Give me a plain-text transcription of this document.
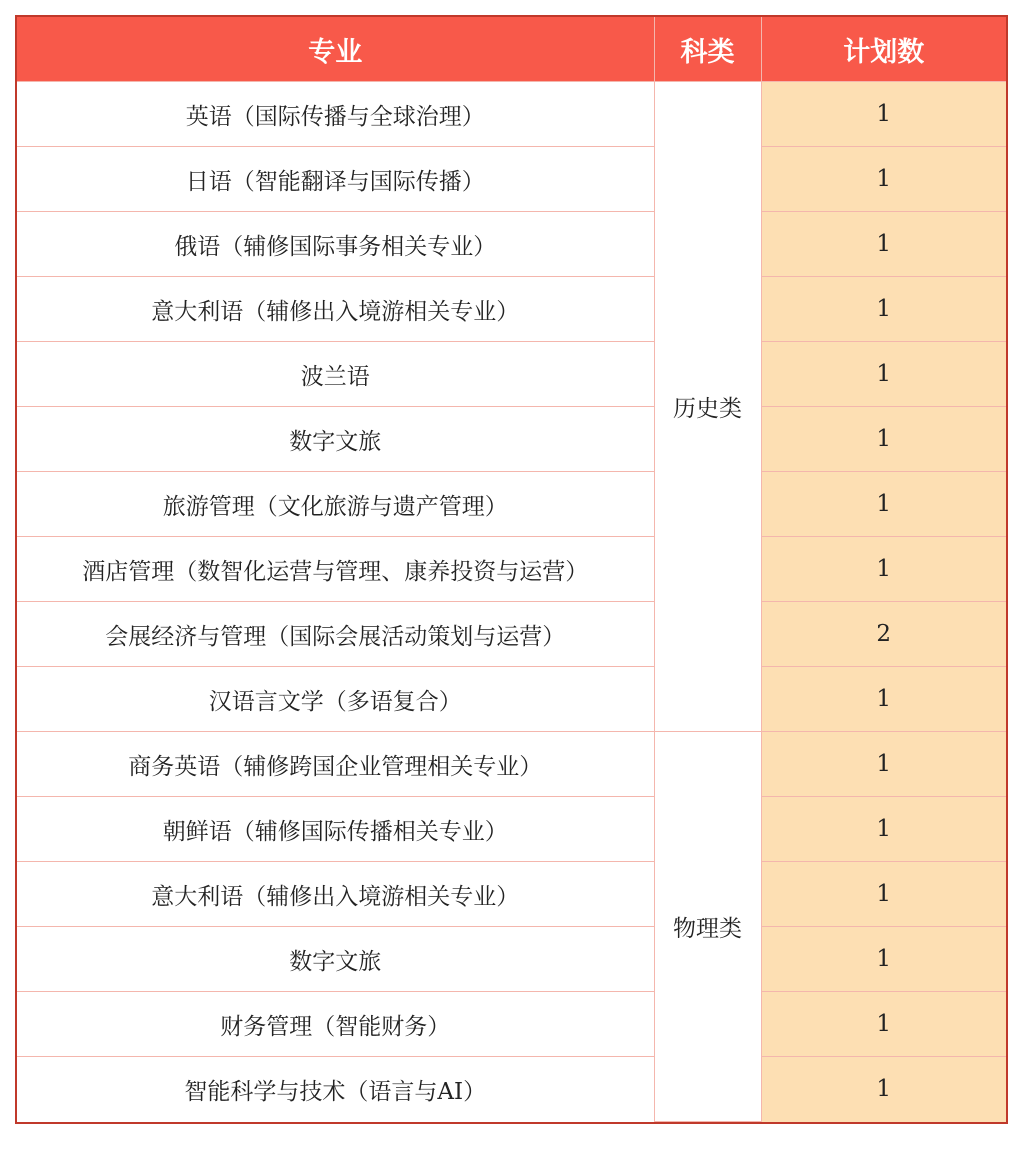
专业	科类	计划数
英语（国际传播与全球治理）	历史类	1
日语（智能翻译与国际传播）		1
俄语（辅修国际事务相关专业）		1
意大利语（辅修出入境游相关专业）		1
波兰语		1
数字文旅		1
旅游管理（文化旅游与遗产管理）		1
酒店管理（数智化运营与管理、康养投资与运营）		1
会展经济与管理（国际会展活动策划与运营）		2
汉语言文学（多语复合）		1
商务英语（辅修跨国企业管理相关专业）	物理类	1
朝鲜语（辅修国际传播相关专业）		1
意大利语（辅修出入境游相关专业）		1
数字文旅		1
财务管理（智能财务）		1
智能科学与技术（语言与AI）		1
